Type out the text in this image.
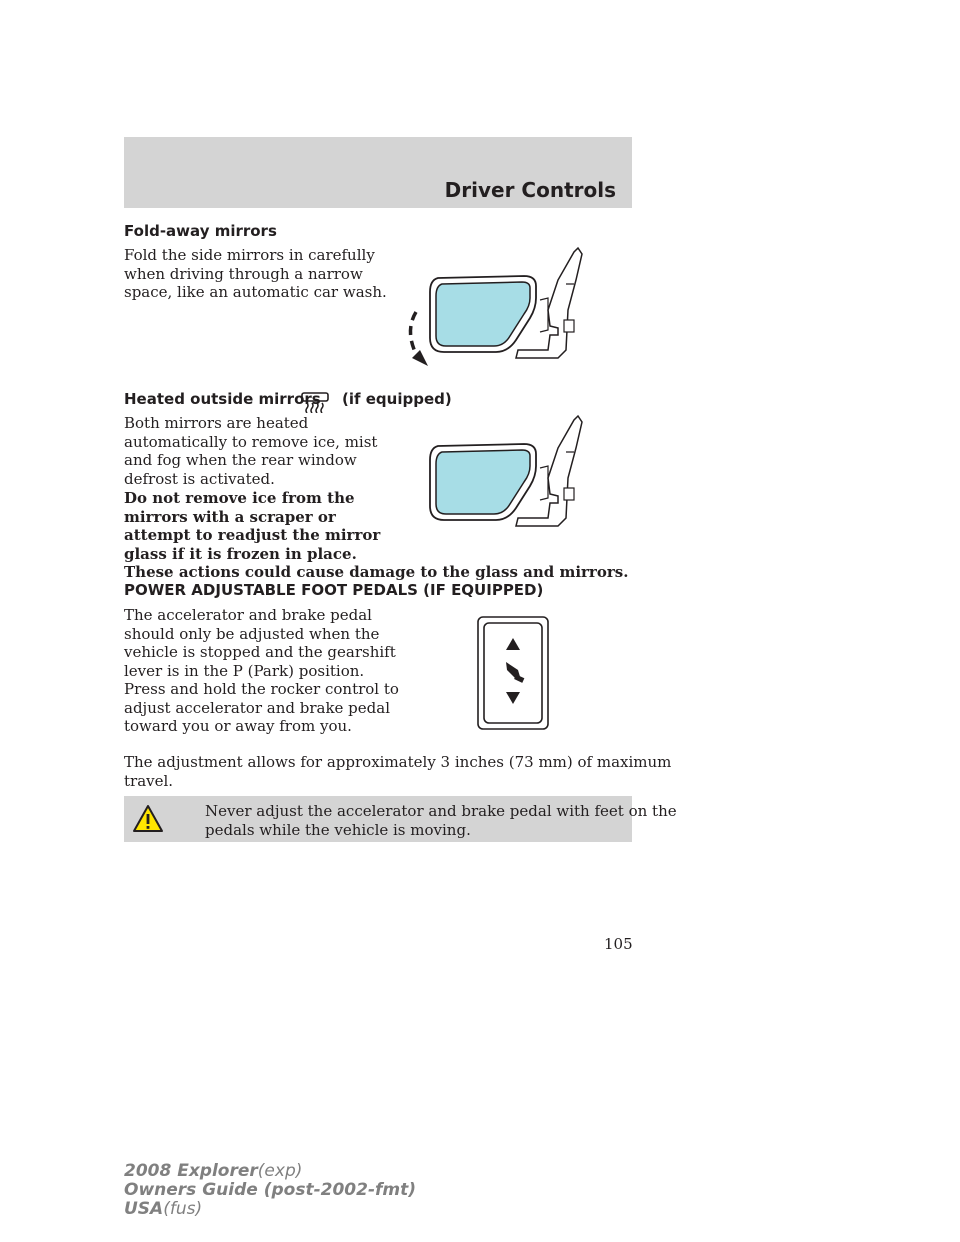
Driver Controls
Fold-away mirrors
Fold the side mirrors in carefully
when driving through a narrow
space, like an automatic car wash.
Heated outside mirrors (if equipped)
Both mirrors are heated
automatically to remove ice, mist
and fog when the rear window
defrost is activated.
Do not remove ice from the
mirrors with a scraper or
attempt to readjust the mirror
glass if it is frozen in place.
These actions could cause damage to the glass and mirrors.
POWER ADJUSTABLE FOOT PEDALS (IF EQUIPPED)
The accelerator and brake pedal
should only be adjusted when the
vehicle is stopped and the gearshift
lever is in the P (Park) position.
Press and hold the rocker control to
adjust accelerator and brake pedal
toward you or away from you.
The adjustment allows for approximately 3 inches (73 mm) of maximum
travel.
Never adjust the accelerator and brake pedal with feet on the
pedals while the vehicle is moving.
105
2008 Explorer(exp)
Owners Guide (post-2002-fmt)
USA(fus)
